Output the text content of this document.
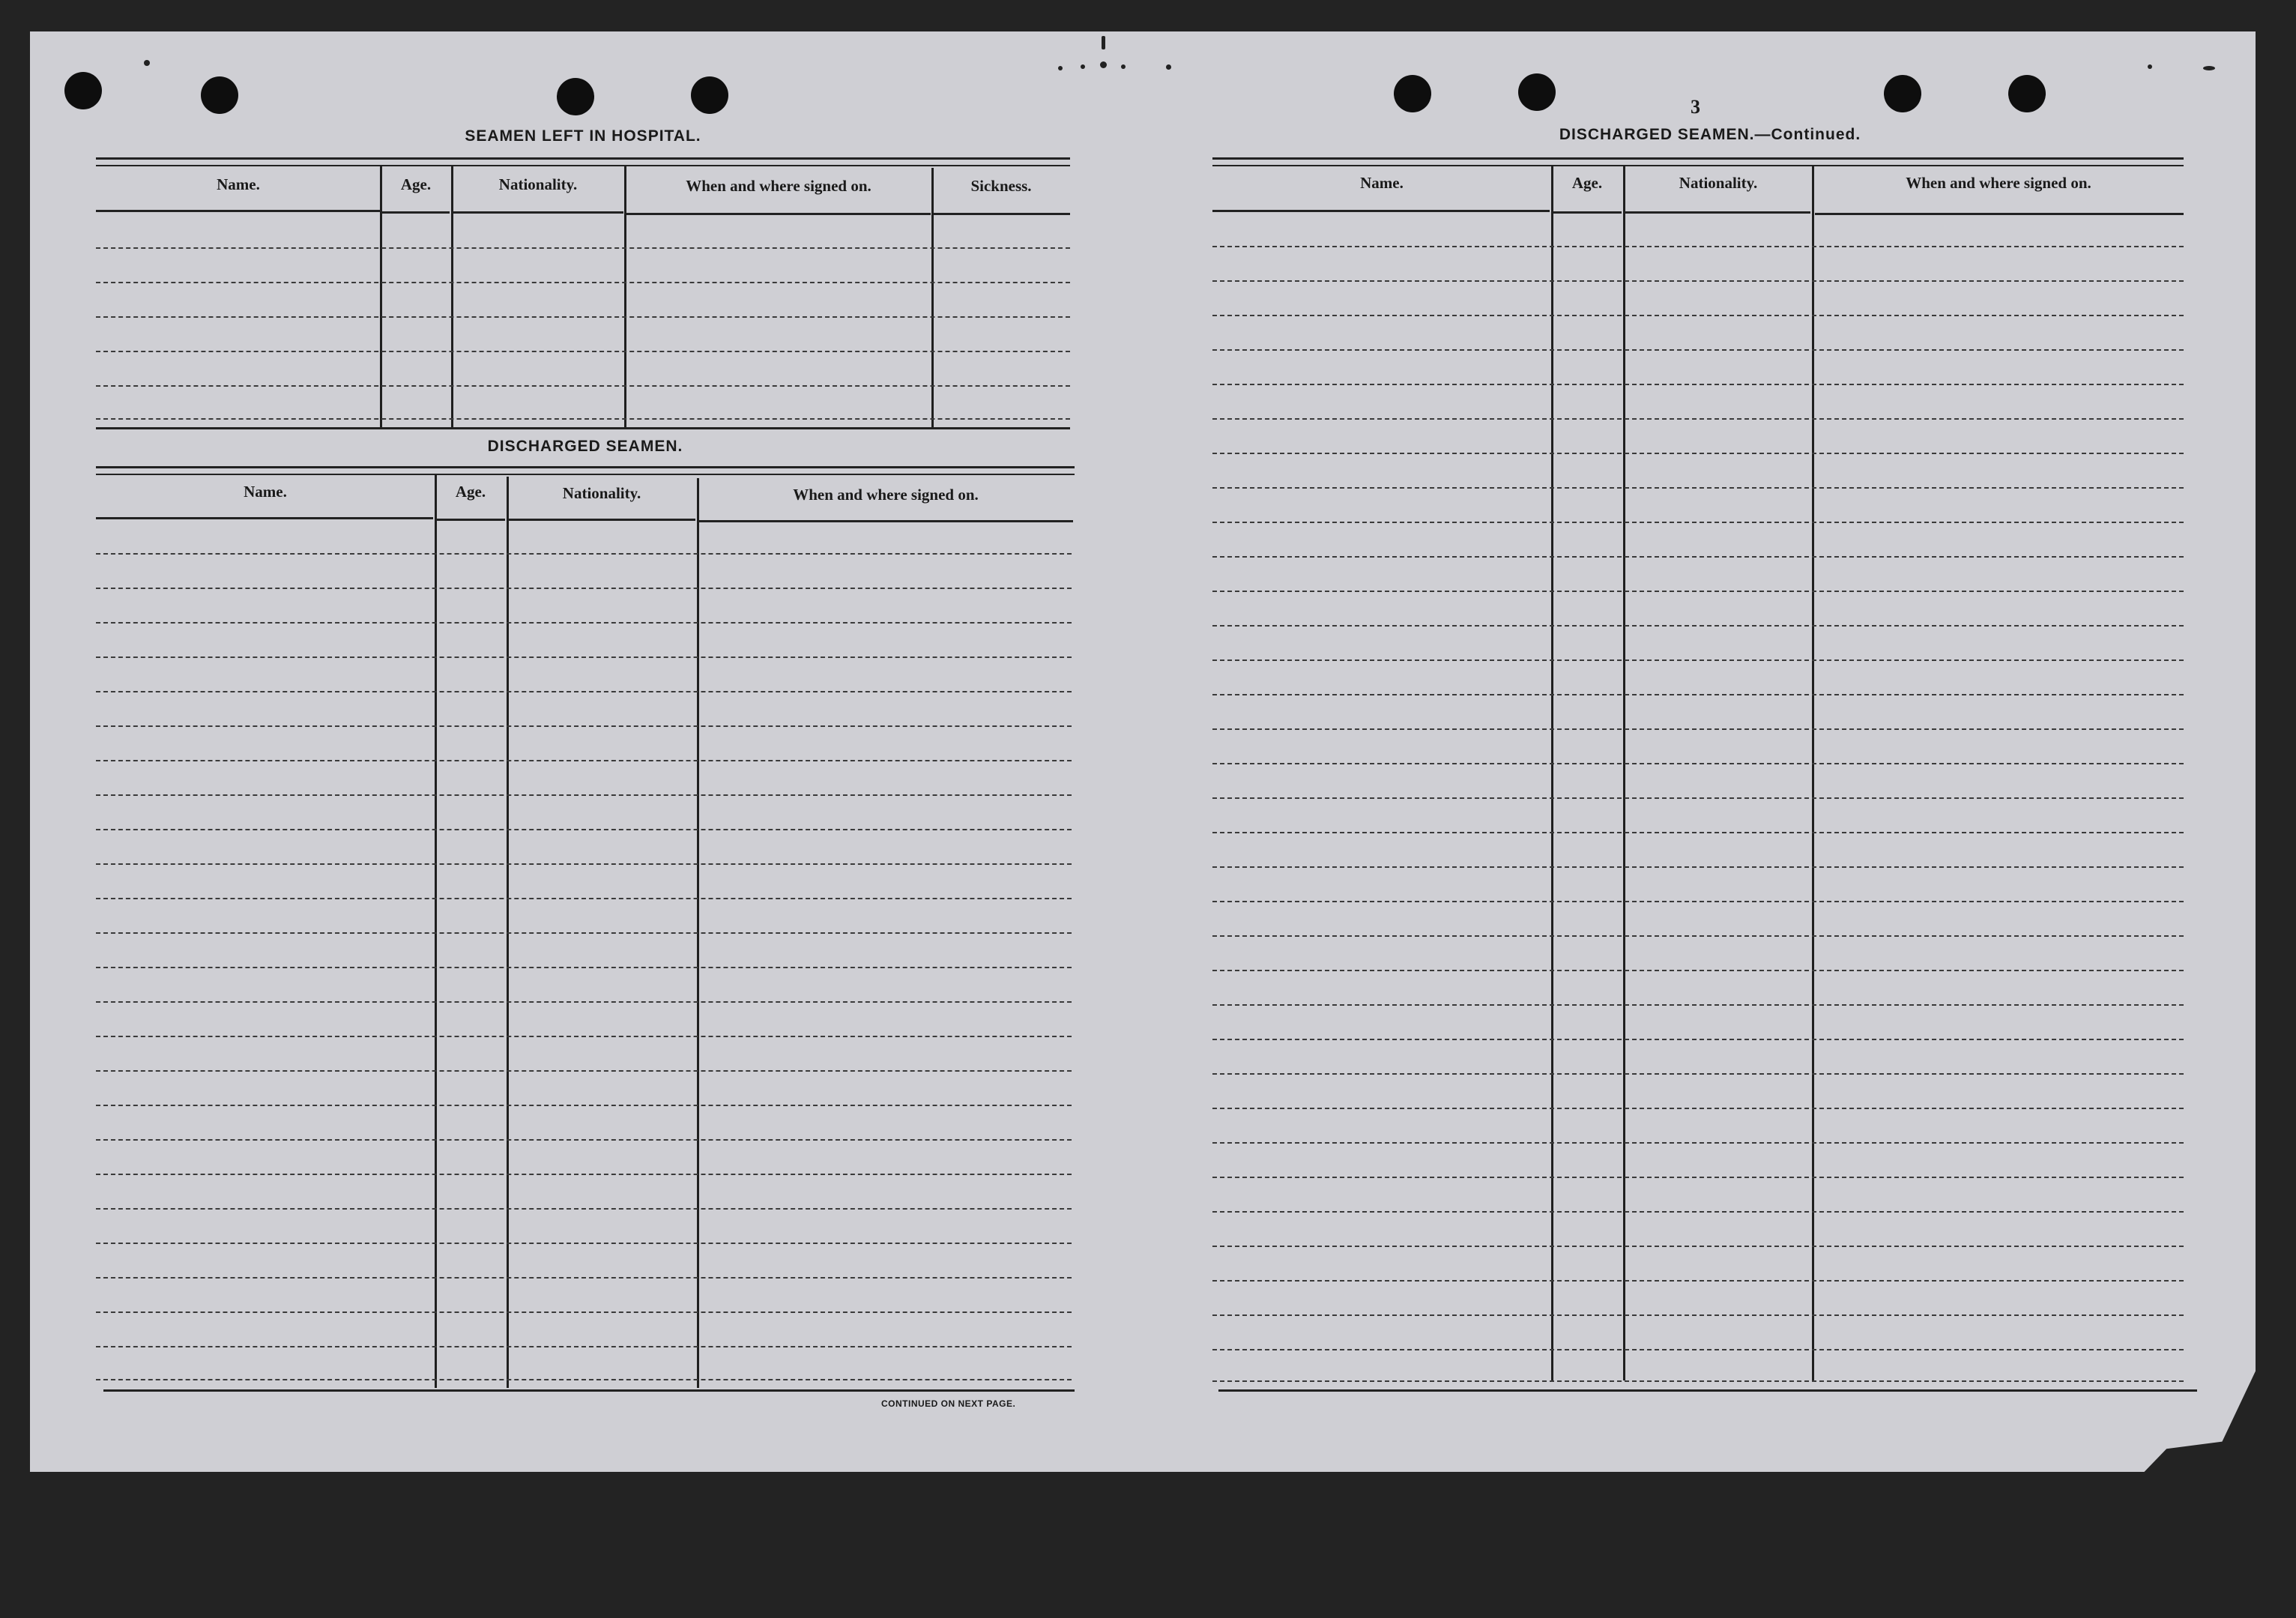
SEAMEN LEFT IN HOSPITAL.
Name.	Age.	Nationality.	When and where signed on.	Sickness.
DISCHARGED SEAMEN.
Name.	Age.	Nationality.	When and where signed on.
CONTINUED ON NEXT PAGE.
3
DISCHARGED SEAMEN.—Continued.
Name.	Age.	Nationality.	When and where signed on.
